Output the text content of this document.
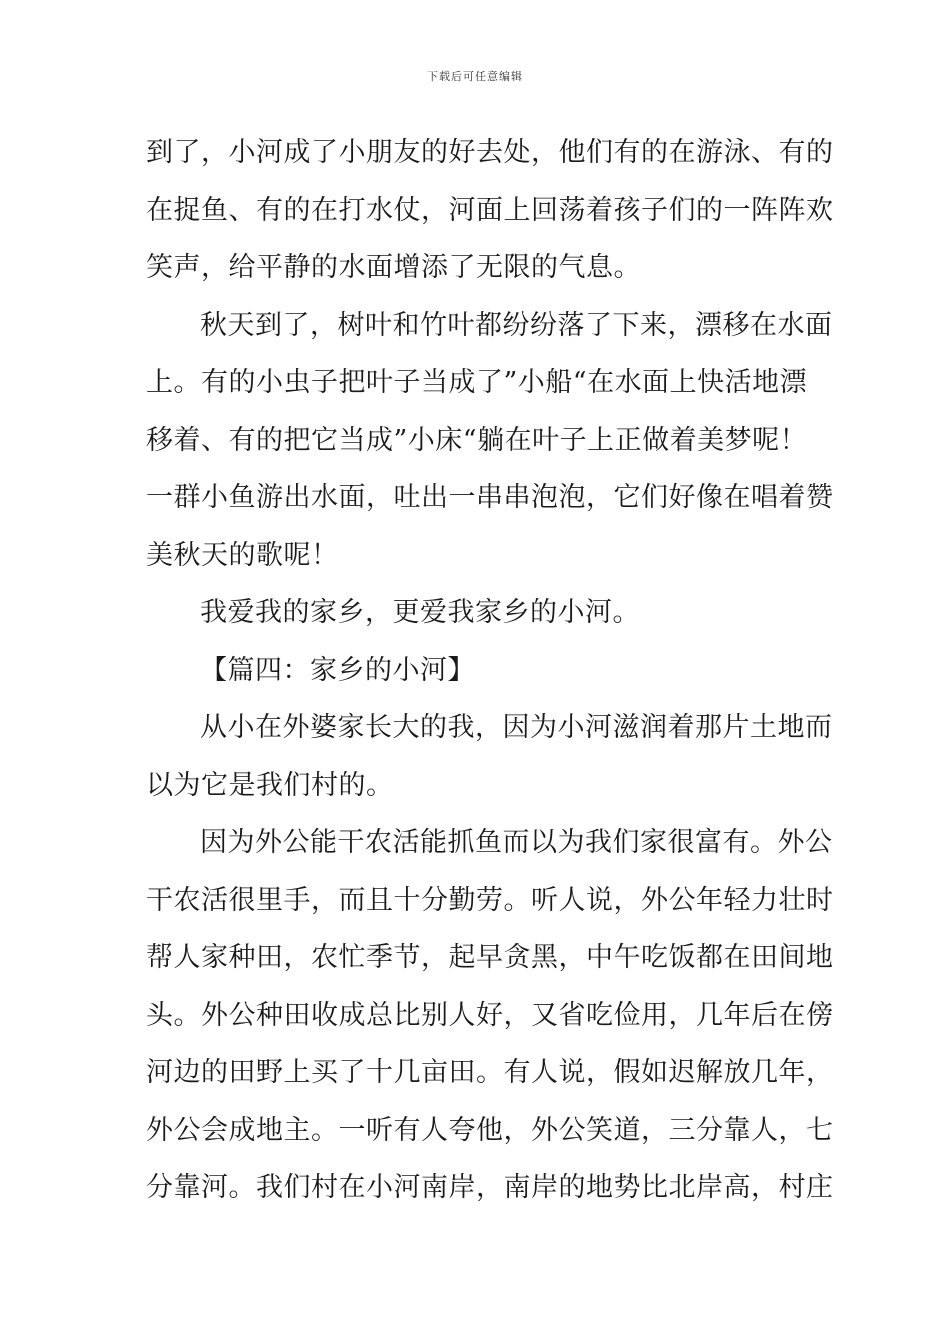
下载后可任意编辑
到了，小河成了小朋友的好去处，他们有的在游泳、有的
在捉鱼、有的在打水仗，河面上回荡着孩子们的一阵阵欢
笑声，给平静的水面增添了无限的气息。
秋天到了，树叶和竹叶都纷纷落了下来，漂移在水面
上。有的小虫子把叶子当成了”小船“在水面上快活地漂
移着、有的把它当成”小床“躺在叶子上正做着美梦呢！
一群小鱼游出水面，吐出一串串泡泡，它们好像在唱着赞
美秋天的歌呢！
我爱我的家乡，更爱我家乡的小河。
【篇四：家乡的小河】
从小在外婆家长大的我，因为小河滋润着那片土地而
以为它是我们村的。
因为外公能干农活能抓鱼而以为我们家很富有。外公
干农活很里手，而且十分勤劳。听人说，外公年轻力壮时
帮人家种田，农忙季节，起早贪黑，中午吃饭都在田间地
头。外公种田收成总比别人好，又省吃俭用，几年后在傍
河边的田野上买了十几亩田。有人说，假如迟解放几年，
外公会成地主。一听有人夸他，外公笑道，三分靠人，七
分靠河。我们村在小河南岸，南岸的地势比北岸高，村庄
